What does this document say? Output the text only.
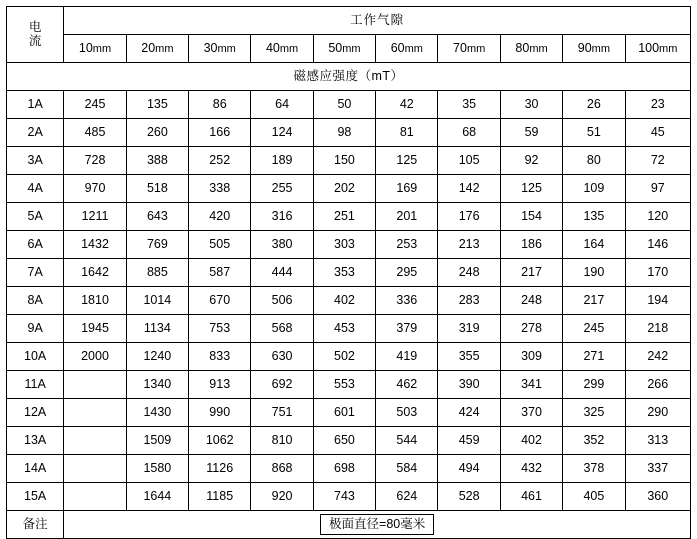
电
流	工作气隙									
	10mm	20mm	30mm	40mm	50mm	60mm	70mm	80mm	90mm	100mm
磁感应强度（mT）										
1A	245	135	86	64	50	42	35	30	26	23
2A	485	260	166	124	98	81	68	59	51	45
3A	728	388	252	189	150	125	105	92	80	72
4A	970	518	338	255	202	169	142	125	109	97
5A	1211	643	420	316	251	201	176	154	135	120
6A	1432	769	505	380	303	253	213	186	164	146
7A	1642	885	587	444	353	295	248	217	190	170
8A	1810	1014	670	506	402	336	283	248	217	194
9A	1945	1134	753	568	453	379	319	278	245	218
10A	2000	1240	833	630	502	419	355	309	271	242
11A		1340	913	692	553	462	390	341	299	266
12A		1430	990	751	601	503	424	370	325	290
13A		1509	1062	810	650	544	459	402	352	313
14A		1580	1126	868	698	584	494	432	378	337
15A		1644	1185	920	743	624	528	461	405	360
备注	极面直径=80毫米									
